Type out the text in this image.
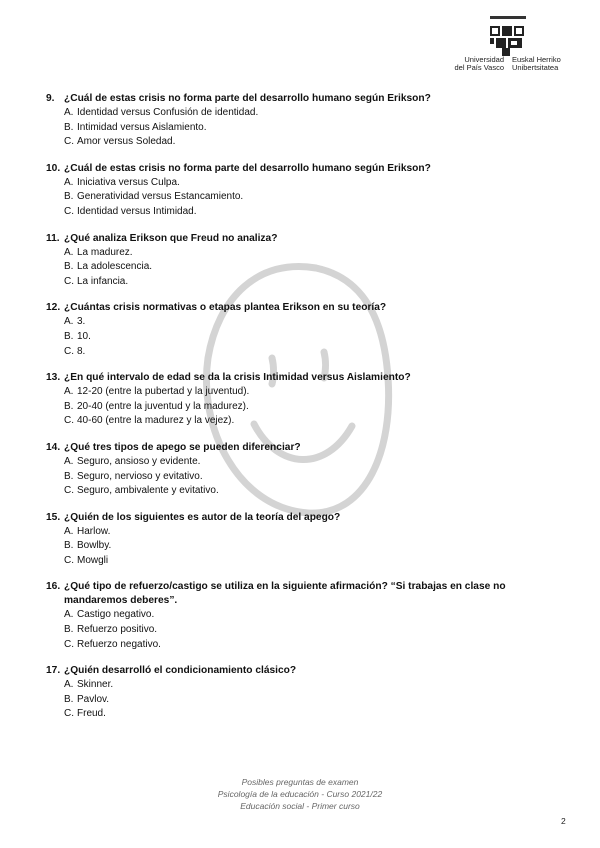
Universidad
del País Vasco
Euskal Herriko
Unibertsitatea
9. ¿Cuál de estas crisis no forma parte del desarrollo humano según Erikson?
A. Identidad versus Confusión de identidad.
B. Intimidad versus Aislamiento.
C. Amor versus Soledad.
10. ¿Cuál de estas crisis no forma parte del desarrollo humano según Erikson?
A. Iniciativa versus Culpa.
B. Generatividad versus Estancamiento.
C. Identidad versus Intimidad.
11. ¿Qué analiza Erikson que Freud no analiza?
A. La madurez.
B. La adolescencia.
C. La infancia.
12. ¿Cuántas crisis normativas o etapas plantea Erikson en su teoría?
A. 3.
B. 10.
C. 8.
13. ¿En qué intervalo de edad se da la crisis Intimidad versus Aislamiento?
A. 12-20 (entre la pubertad y la juventud).
B. 20-40 (entre la juventud y la madurez).
C. 40-60 (entre la madurez y la vejez).
14. ¿Qué tres tipos de apego se pueden diferenciar?
A. Seguro, ansioso y evidente.
B. Seguro, nervioso y evitativo.
C. Seguro, ambivalente y evitativo.
15. ¿Quién de los siguientes es autor de la teoría del apego?
A. Harlow.
B. Bowlby.
C. Mowgli
16. ¿Qué tipo de refuerzo/castigo se utiliza en la siguiente afirmación? “Si trabajas en clase no mandaremos deberes”.
A. Castigo negativo.
B. Refuerzo positivo.
C. Refuerzo negativo.
17. ¿Quién desarrolló el condicionamiento clásico?
A. Skinner.
B. Pavlov.
C. Freud.
Posibles preguntas de examen
Psicología de la educación - Curso 2021/22
Educación social - Primer curso
2
